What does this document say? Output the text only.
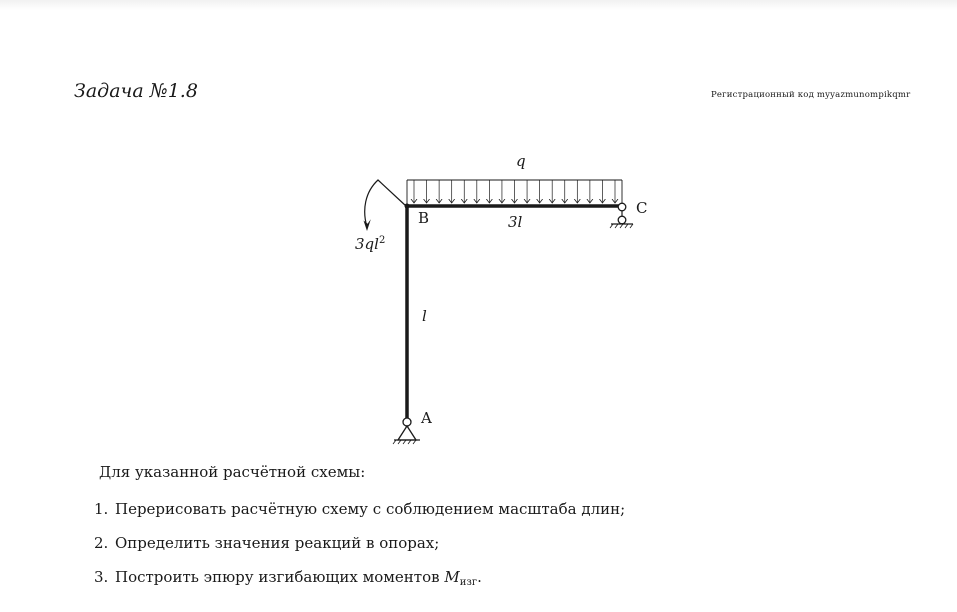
Задача №1.8	Регистрационный код myyazmunompikqmr
q
B
C
A
3l
l
$3ql^2$
Для указанной расчётной схемы:
1. Перерисовать расчётную схему с соблюдением масштаба длин;
2. Определить значения реакций в опорах;
3. Построить эпюру изгибающих моментов $M_{изг}$.
